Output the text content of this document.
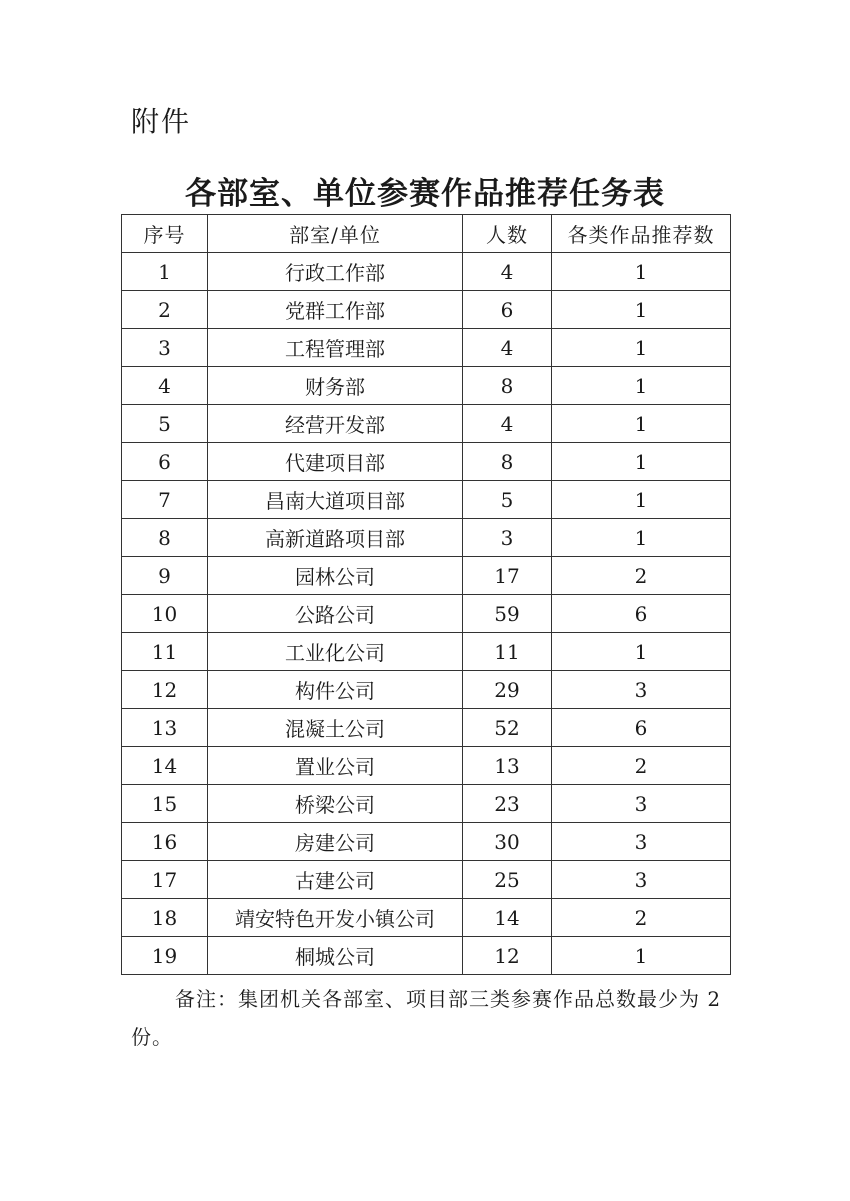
附件
各部室、单位参赛作品推荐任务表
序号	部室/单位	人数	各类作品推荐数
1	行政工作部	4	1
2	党群工作部	6	1
3	工程管理部	4	1
4	财务部	8	1
5	经营开发部	4	1
6	代建项目部	8	1
7	昌南大道项目部	5	1
8	高新道路项目部	3	1
9	园林公司	17	2
10	公路公司	59	6
11	工业化公司	11	1
12	构件公司	29	3
13	混凝土公司	52	6
14	置业公司	13	2
15	桥梁公司	23	3
16	房建公司	30	3
17	古建公司	25	3
18	靖安特色开发小镇公司	14	2
19	桐城公司	12	1
备注：集团机关各部室、项目部三类参赛作品总数最少为 2 份。
